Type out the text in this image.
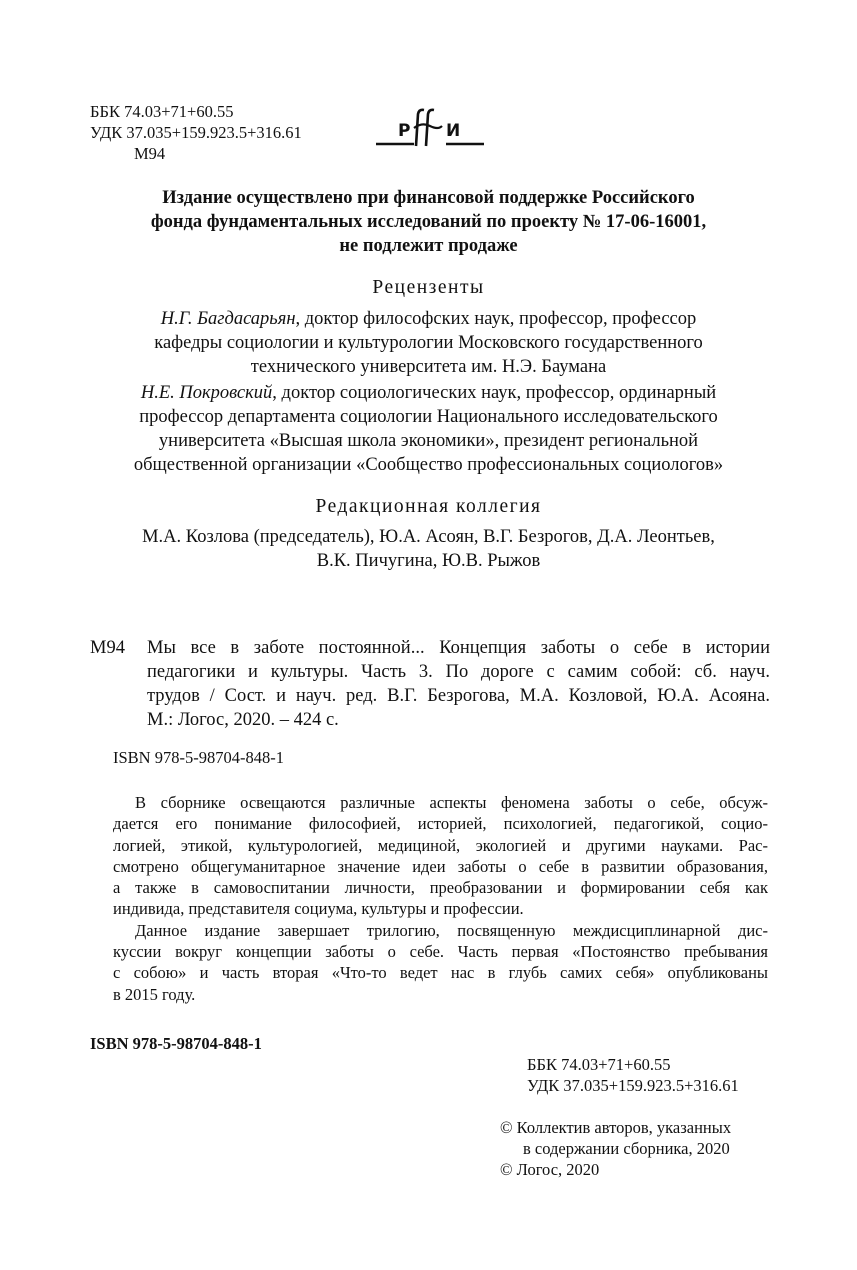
ББК 74.03+71+60.55
УДК 37.035+159.923.5+316.61
М94
Р И
Издание осуществлено при финансовой поддержке Российского
фонда фундаментальных исследований по проекту № 17-06-16001,
не подлежит продаже
Рецензенты
Н.Г. Багдасарьян, доктор философских наук, профессор, профессор
кафедры социологии и культурологии Московского государственного
технического университета им. Н.Э. Баумана
Н.Е. Покровский, доктор социологических наук, профессор, ординарный
профессор департамента социологии Национального исследовательского
университета «Высшая школа экономики», президент региональной
общественной организации «Сообщество профессиональных социологов»
Редакционная коллегия
М.А. Козлова (председатель), Ю.А. Асоян, В.Г. Безрогов, Д.А. Леонтьев,
В.К. Пичугина, Ю.В. Рыжов
М94 Мы все в заботе постоянной... Концепция заботы о себе в истории
педагогики и культуры. Часть 3. По дороге с самим собой: сб. науч.
трудов / Сост. и науч. ред. В.Г. Безрогова, М.А. Козловой, Ю.А. Асояна.
М.: Логос, 2020. – 424 с.
ISBN 978-5-98704-848-1
В сборнике освещаются различные аспекты феномена заботы о себе, обсуж-
дается его понимание философией, историей, психологией, педагогикой, социо-
логией, этикой, культурологией, медициной, экологией и другими науками. Рас-
смотрено общегуманитарное значение идеи заботы о себе в развитии образования,
а также в самовоспитании личности, преобразовании и формировании себя как
индивида, представителя социума, культуры и профессии.
Данное издание завершает трилогию, посвященную междисциплинарной дис-
куссии вокруг концепции заботы о себе. Часть первая «Постоянство пребывания
с собою» и часть вторая «Что-то ведет нас в глубь самих себя» опубликованы
в 2015 году.
ISBN 978-5-98704-848-1
ББК 74.03+71+60.55
УДК 37.035+159.923.5+316.61
© Коллектив авторов, указанных
в содержании сборника, 2020
© Логос, 2020
